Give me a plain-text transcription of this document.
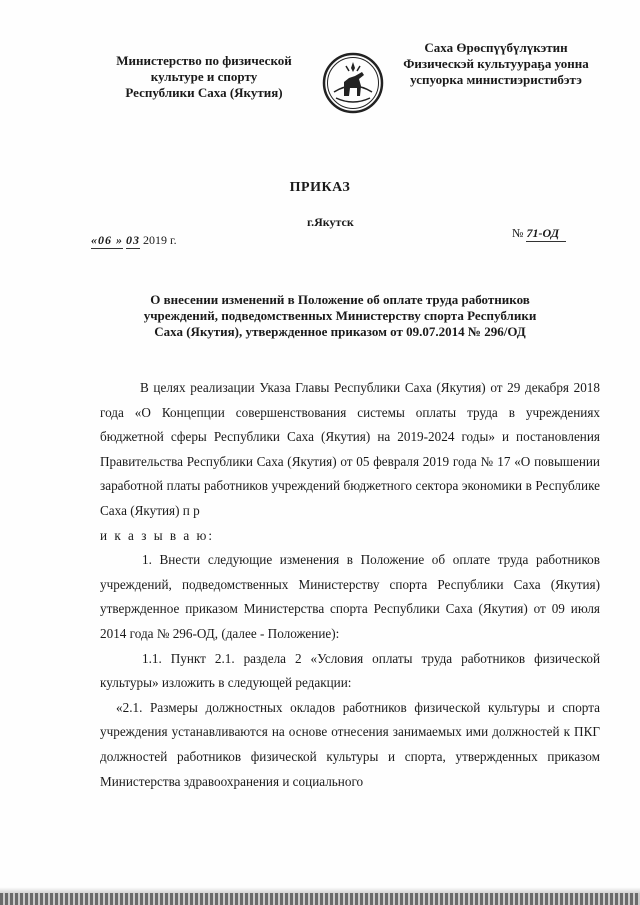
Министерство по физической
культуре и спорту
Республики Саха (Якутия)
Саха Өрөспүүбүлүкэтин
Физическэй культуураҕа уонна
успуорка министиэристибэтэ
ПРИКАЗ
г.Якутск
«06 » 03 2019 г.	№ 71-ОД
О внесении изменений в Положение об оплате труда работников
учреждений, подведомственных Министерству спорта Республики
Саха (Якутия), утвержденное приказом от 09.07.2014 № 296/ОД

В целях реализации Указа Главы Республики Саха (Якутия) от 29 декабря 2018 года «О Концепции совершенствования системы оплаты труда в учреждениях бюджетной сферы Республики Саха (Якутия) на 2019-2024 годы» и постановления Правительства Республики Саха (Якутия) от 05 февраля 2019 года № 17 «О повышении заработной платы работников учреждений бюджетного сектора экономики в Республике Саха (Якутия) п р

и к а з ы в а ю:

1. Внести следующие изменения в Положение об оплате труда работников учреждений, подведомственных Министерству спорта Республики Саха (Якутия) утвержденное приказом Министерства спорта Республики Саха (Якутия) от 09 июля 2014 года № 296-ОД, (далее - Положение):

1.1. Пункт 2.1. раздела 2 «Условия оплаты труда работников физической культуры» изложить в следующей редакции:

«2.1. Размеры должностных окладов работников физической культуры и спорта учреждения устанавливаются на основе отнесения занимаемых ими должностей к ПКГ должностей работников физической культуры и спорта, утвержденных приказом Министерства здравоохранения и социального
